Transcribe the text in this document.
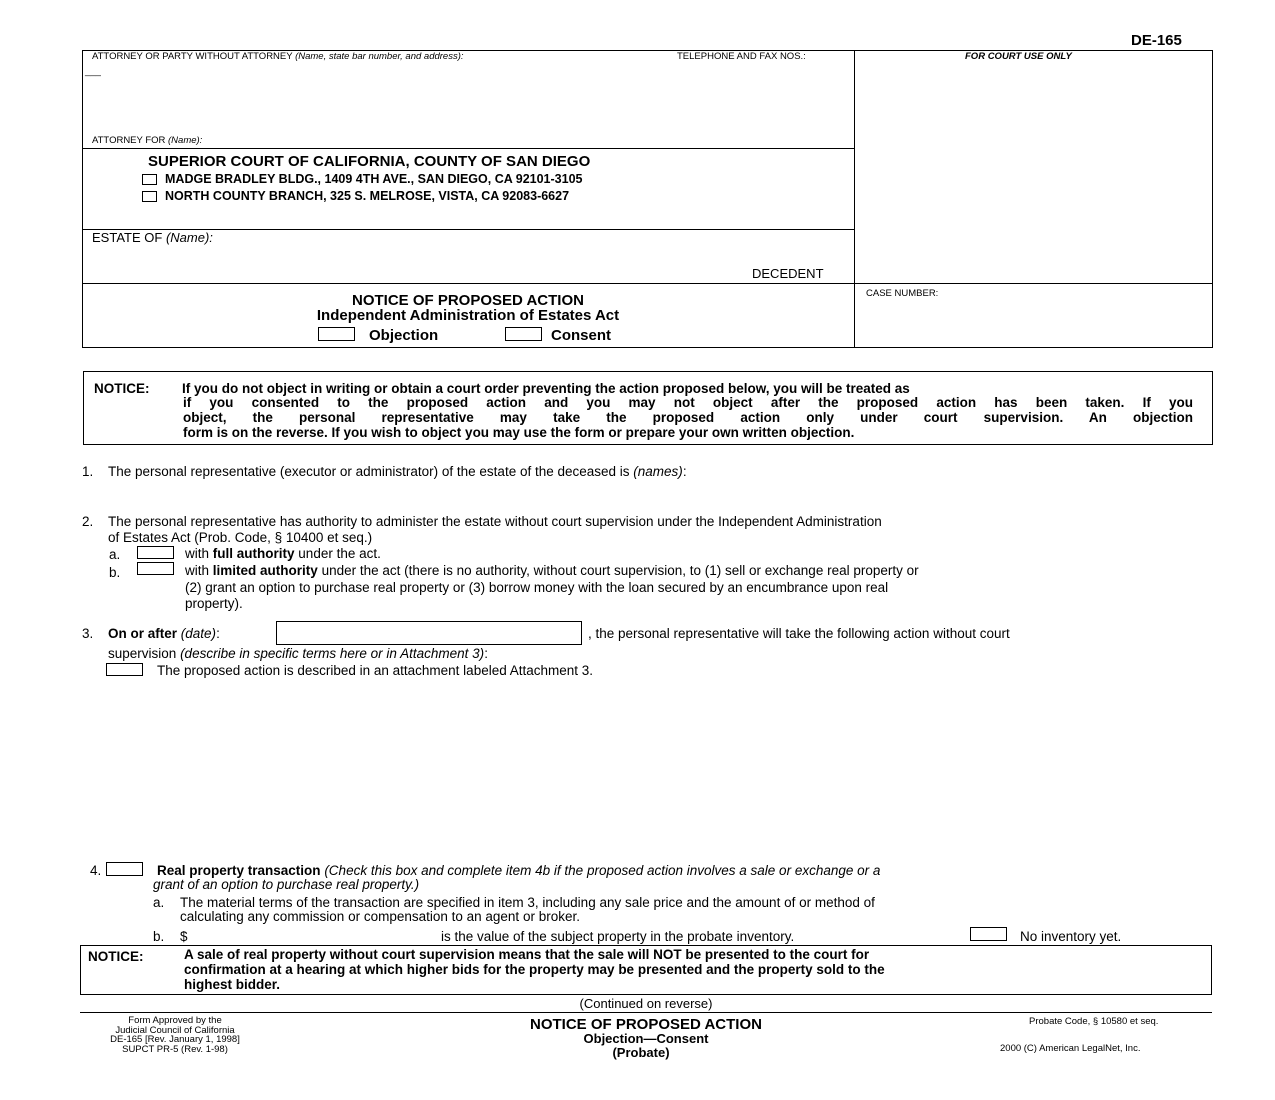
DE-165
ATTORNEY OR PARTY WITHOUT ATTORNEY (Name, state bar number, and address):	TELEPHONE AND FAX NOS.:
___
ATTORNEY FOR (Name):
FOR COURT USE ONLY
SUPERIOR COURT OF CALIFORNIA, COUNTY OF SAN DIEGO
MADGE BRADLEY BLDG., 1409 4TH AVE., SAN DIEGO, CA 92101-3105
NORTH COUNTY BRANCH, 325 S. MELROSE, VISTA, CA 92083-6627
ESTATE OF (Name):
DECEDENT
NOTICE OF PROPOSED ACTION
Independent Administration of Estates Act
Objection	Consent
CASE NUMBER:
NOTICE: If you do not object in writing or obtain a court order preventing the action proposed below, you will be treated as
if you consented to the proposed action and you may not object after the proposed action has been taken. If you
object, the personal representative may take the proposed action only under court supervision. An objection
form is on the reverse. If you wish to object you may use the form or prepare your own written objection.
1. The personal representative (executor or administrator) of the estate of the deceased is (names):
2. The personal representative has authority to administer the estate without court supervision under the Independent Administration
of Estates Act (Prob. Code, § 10400 et seq.)
a.	with full authority under the act.
b.	with limited authority under the act (there is no authority, without court supervision, to (1) sell or exchange real property or
(2) grant an option to purchase real property or (3) borrow money with the loan secured by an encumbrance upon real
property).
3. On or after (date):	, the personal representative will take the following action without court
supervision (describe in specific terms here or in Attachment 3):
The proposed action is described in an attachment labeled Attachment 3.
4.	Real property transaction (Check this box and complete item 4b if the proposed action involves a sale or exchange or a
grant of an option to purchase real property.)
a. The material terms of the transaction are specified in item 3, including any sale price and the amount of or method of
calculating any commission or compensation to an agent or broker.
b. $	is the value of the subject property in the probate inventory.	No inventory yet.
NOTICE:	A sale of real property without court supervision means that the sale will NOT be presented to the court for
confirmation at a hearing at which higher bids for the property may be presented and the property sold to the
highest bidder.
(Continued on reverse)
Form Approved by the
Judicial Council of California
DE-165 [Rev. January 1, 1998]
SUPCT PR-5 (Rev. 1-98)
NOTICE OF PROPOSED ACTION
Objection—Consent
(Probate)
Probate Code, § 10580 et seq.
2000 (C) American LegalNet, Inc.
